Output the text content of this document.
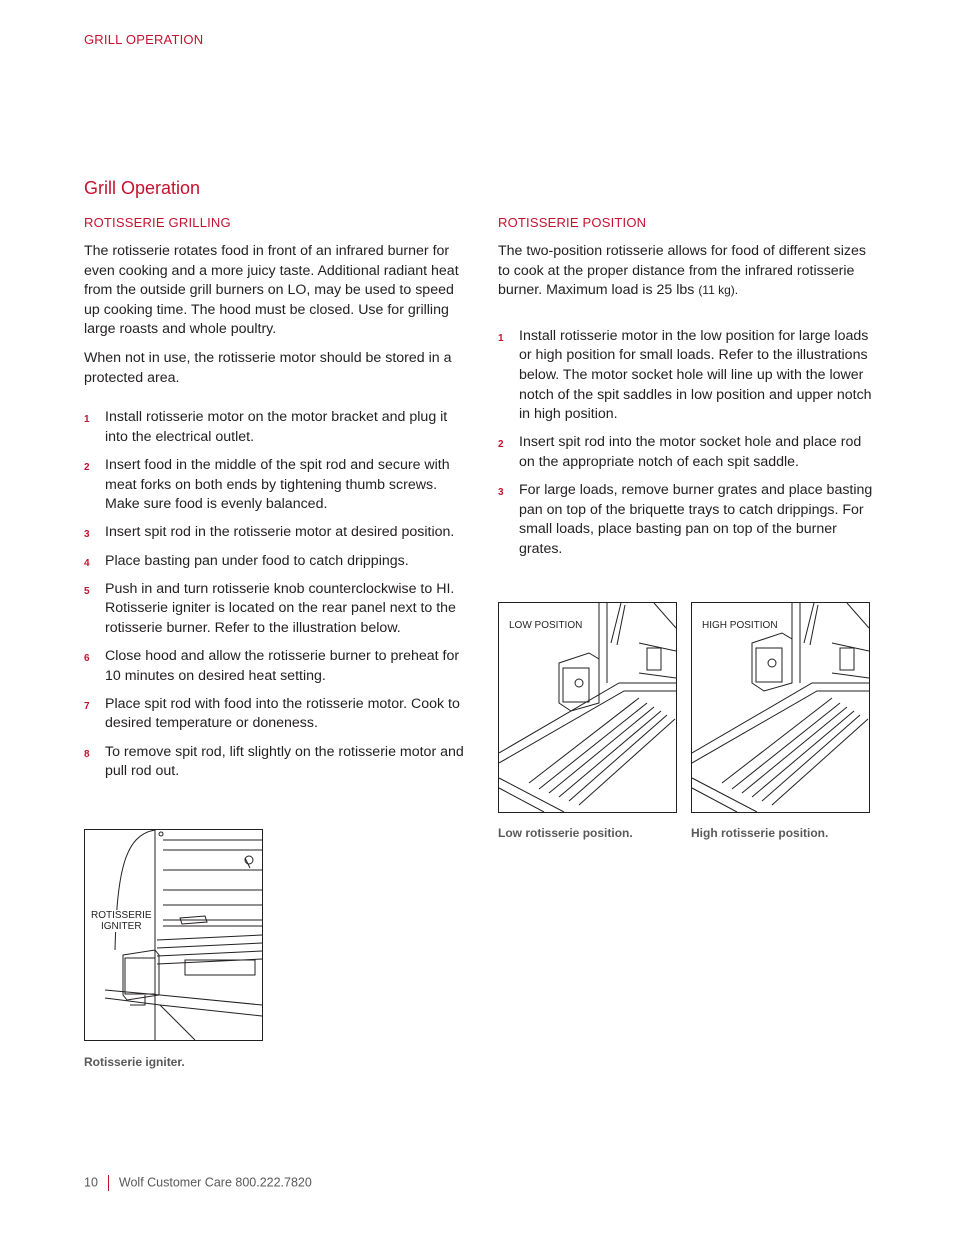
GRILL OPERATION
Grill Operation
ROTISSERIE GRILLING

The rotisserie rotates food in front of an infrared burner for even cooking and a more juicy taste. Additional radiant heat from the outside grill burners on LO, may be used to speed up cooking time. The hood must be closed. Use for grilling large roasts and whole poultry.

When not in use, the rotisserie motor should be stored in a protected area.

1 Install rotisserie motor on the motor bracket and plug it into the electrical outlet.
2 Insert food in the middle of the spit rod and secure with meat forks on both ends by tightening thumb screws. Make sure food is evenly balanced.
3 Insert spit rod in the rotisserie motor at desired position.
4 Place basting pan under food to catch drippings.
5 Push in and turn rotisserie knob counterclockwise to HI. Rotisserie igniter is located on the rear panel next to the rotisserie burner. Refer to the illustration below.
6 Close hood and allow the rotisserie burner to preheat for 10 minutes on desired heat setting.
7 Place spit rod with food into the rotisserie motor. Cook to desired temperature or doneness.
8 To remove spit rod, lift slightly on the rotisserie motor and pull rod out.
ROTISSERIE POSITION

The two-position rotisserie allows for food of different sizes to cook at the proper distance from the infrared rotisserie burner. Maximum load is 25 lbs (11 kg).

1 Install rotisserie motor in the low position for large loads or high position for small loads. Refer to the illustrations below. The motor socket hole will line up with the lower notch of the spit saddles in low position and upper notch in high position.
2 Insert spit rod into the motor socket hole and place rod on the appropriate notch of each spit saddle.
3 For large loads, remove burner grates and place basting pan on top of the briquette trays to catch drippings. For small loads, place basting pan on top of the burner grates.
LOW POSITION
Low rotisserie position.
HIGH POSITION
High rotisserie position.
ROTISSERIE
IGNITER
Rotisserie igniter.
10 Wolf Customer Care 800.222.7820
